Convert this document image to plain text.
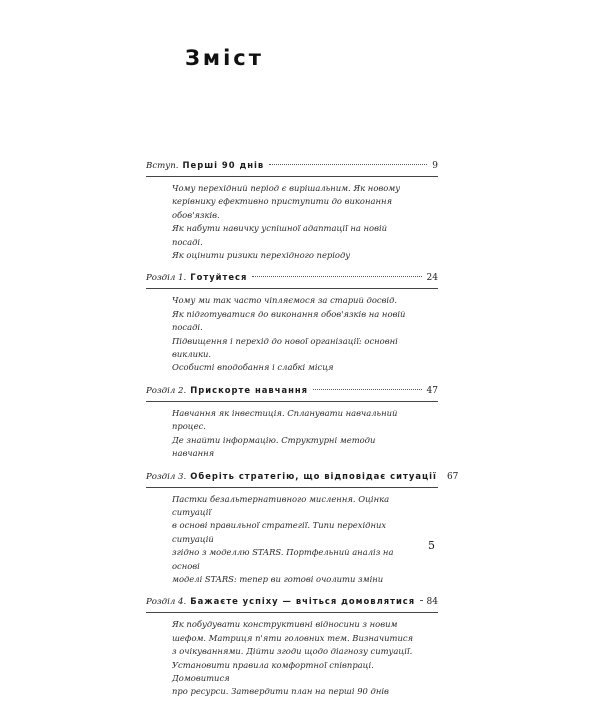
Зміст
Вступ. Перші 90 днів	9
Чому перехідний період є вирішальним. Як новому
керівнику ефективно приступити до виконання обов'язків.
Як набути навичку успішної адаптації на новій посаді.
Як оцінити ризики перехідного періоду
Розділ 1. Готуйтеся	24
Чому ми так часто чіпляємося за старий досвід.
Як підготуватися до виконання обов'язків на новій посаді.
Підвищення і перехід до нової організації: основні виклики.
Особисті вподобання і слабкі місця
Розділ 2. Прискорте навчання	47
Навчання як інвестиція. Спланувати навчальний процес.
Де знайти інформацію. Структурні методи навчання
Розділ 3. Оберіть стратегію, що відповідає ситуації 67
Пастки безальтернативного мислення. Оцінка ситуації
в основі правильної стратегії. Типи перехідних ситуацій
згідно з моделлю STARS. Портфельний аналіз на основі
моделі STARS: тепер ви готові очолити зміни
Розділ 4. Бажаєте успіху — вчіться домовлятися 84
Як побудувати конструктивні відносини з новим
шефом. Матриця п'яти головних тем. Визначитися
з очікуваннями. Дійти згоди щодо діагнозу ситуації.
Установити правила комфортної співпраці. Домовитися
про ресурси. Затвердити план на перші 90 днів
5
